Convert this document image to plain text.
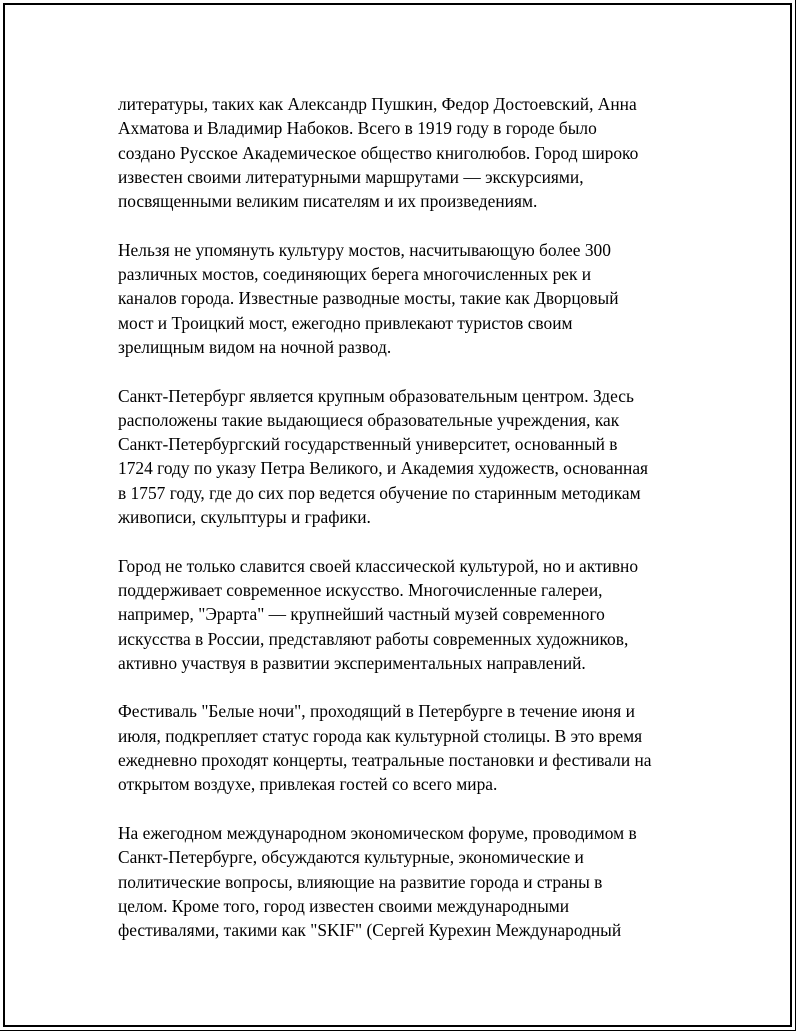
литературы, таких как Александр Пушкин, Федор Достоевский, Анна
Ахматова и Владимир Набоков. Всего в 1919 году в городе было
создано Русское Академическое общество книголюбов. Город широко
известен своими литературными маршрутами — экскурсиями,
посвященными великим писателям и их произведениям.

Нельзя не упомянуть культуру мостов, насчитывающую более 300
различных мостов, соединяющих берега многочисленных рек и
каналов города. Известные разводные мосты, такие как Дворцовый
мост и Троицкий мост, ежегодно привлекают туристов своим
зрелищным видом на ночной развод.

Санкт-Петербург является крупным образовательным центром. Здесь
расположены такие выдающиеся образовательные учреждения, как
Санкт-Петербургский государственный университет, основанный в
1724 году по указу Петра Великого, и Академия художеств, основанная
в 1757 году, где до сих пор ведется обучение по старинным методикам
живописи, скульптуры и графики.

Город не только славится своей классической культурой, но и активно
поддерживает современное искусство. Многочисленные галереи,
например, "Эрарта" — крупнейший частный музей современного
искусства в России, представляют работы современных художников,
активно участвуя в развитии экспериментальных направлений.

Фестиваль "Белые ночи", проходящий в Петербурге в течение июня и
июля, подкрепляет статус города как культурной столицы. В это время
ежедневно проходят концерты, театральные постановки и фестивали на
открытом воздухе, привлекая гостей со всего мира.

На ежегодном международном экономическом форуме, проводимом в
Санкт-Петербурге, обсуждаются культурные, экономические и
политические вопросы, влияющие на развитие города и страны в
целом. Кроме того, город известен своими международными
фестивалями, такими как "SKIF" (Сергей Курехин Международный
